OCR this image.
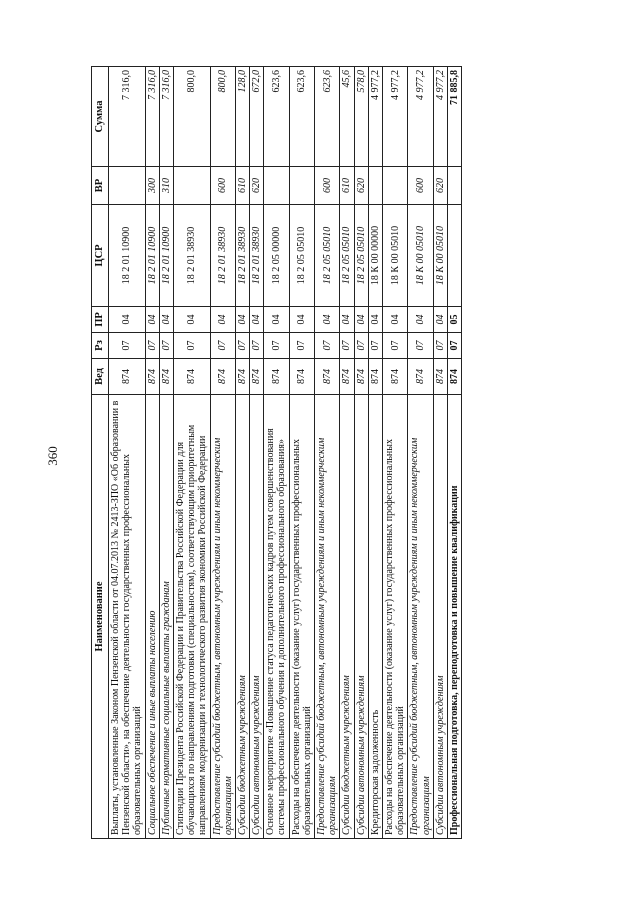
360
Наименование	Вед	Рз	ПР	ЦСР	ВР	Сумма
Выплаты, установленные Законом Пензенской области от 04.07.2013 № 2413-ЗПО «Об образовании в Пензенской области», на обеспечение деятельности государственных профессиональных образовательных организаций	874	07	04	18 2 01 10900		7 316,0
Социальное обеспечение и иные выплаты населению	874	07	04	18 2 01 10900	300	7 316,0
Публичные нормативные социальные выплаты гражданам	874	07	04	18 2 01 10900	310	7 316,0
Стипендии Президента Российской Федерации и Правительства Российской Федерации для обучающихся по направлениям подготовки (специальностям), соответствующим приоритетным направлениям модернизации и технологического развития экономики Российской Федерации	874	07	04	18 2 01 38930		800,0
Предоставление субсидий бюджетным, автономным учреждениям и иным некоммерческим организациям	874	07	04	18 2 01 38930	600	800,0
Субсидии бюджетным учреждениям	874	07	04	18 2 01 38930	610	128,0
Субсидии автономным учреждениям	874	07	04	18 2 01 38930	620	672,0
Основное мероприятие «Повышение статуса педагогических кадров путем совершенствования системы профессионального обучения и дополнительного профессионального образования»	874	07	04	18 2 05 00000		623,6
Расходы на обеспечение деятельности (оказание услуг) государственных профессиональных образовательных организаций	874	07	04	18 2 05 05010		623,6
Предоставление субсидий бюджетным, автономным учреждениям и иным некоммерческим организациям	874	07	04	18 2 05 05010	600	623,6
Субсидии бюджетным учреждениям	874	07	04	18 2 05 05010	610	45,6
Субсидии автономным учреждениям	874	07	04	18 2 05 05010	620	578,0
Кредиторская задолженность	874	07	04	18 К 00 00000		4 977,2
Расходы на обеспечение деятельности (оказание услуг) государственных профессиональных образовательных организаций	874	07	04	18 К 00 05010		4 977,2
Предоставление субсидий бюджетным, автономным учреждениям и иным некоммерческим организациям	874	07	04	18 К 00 05010	600	4 977,2
Субсидии автономным учреждениям	874	07	04	18 К 00 05010	620	4 977,2
Профессиональная подготовка, переподготовка и повышение квалификации	874	07	05			71 885,8
